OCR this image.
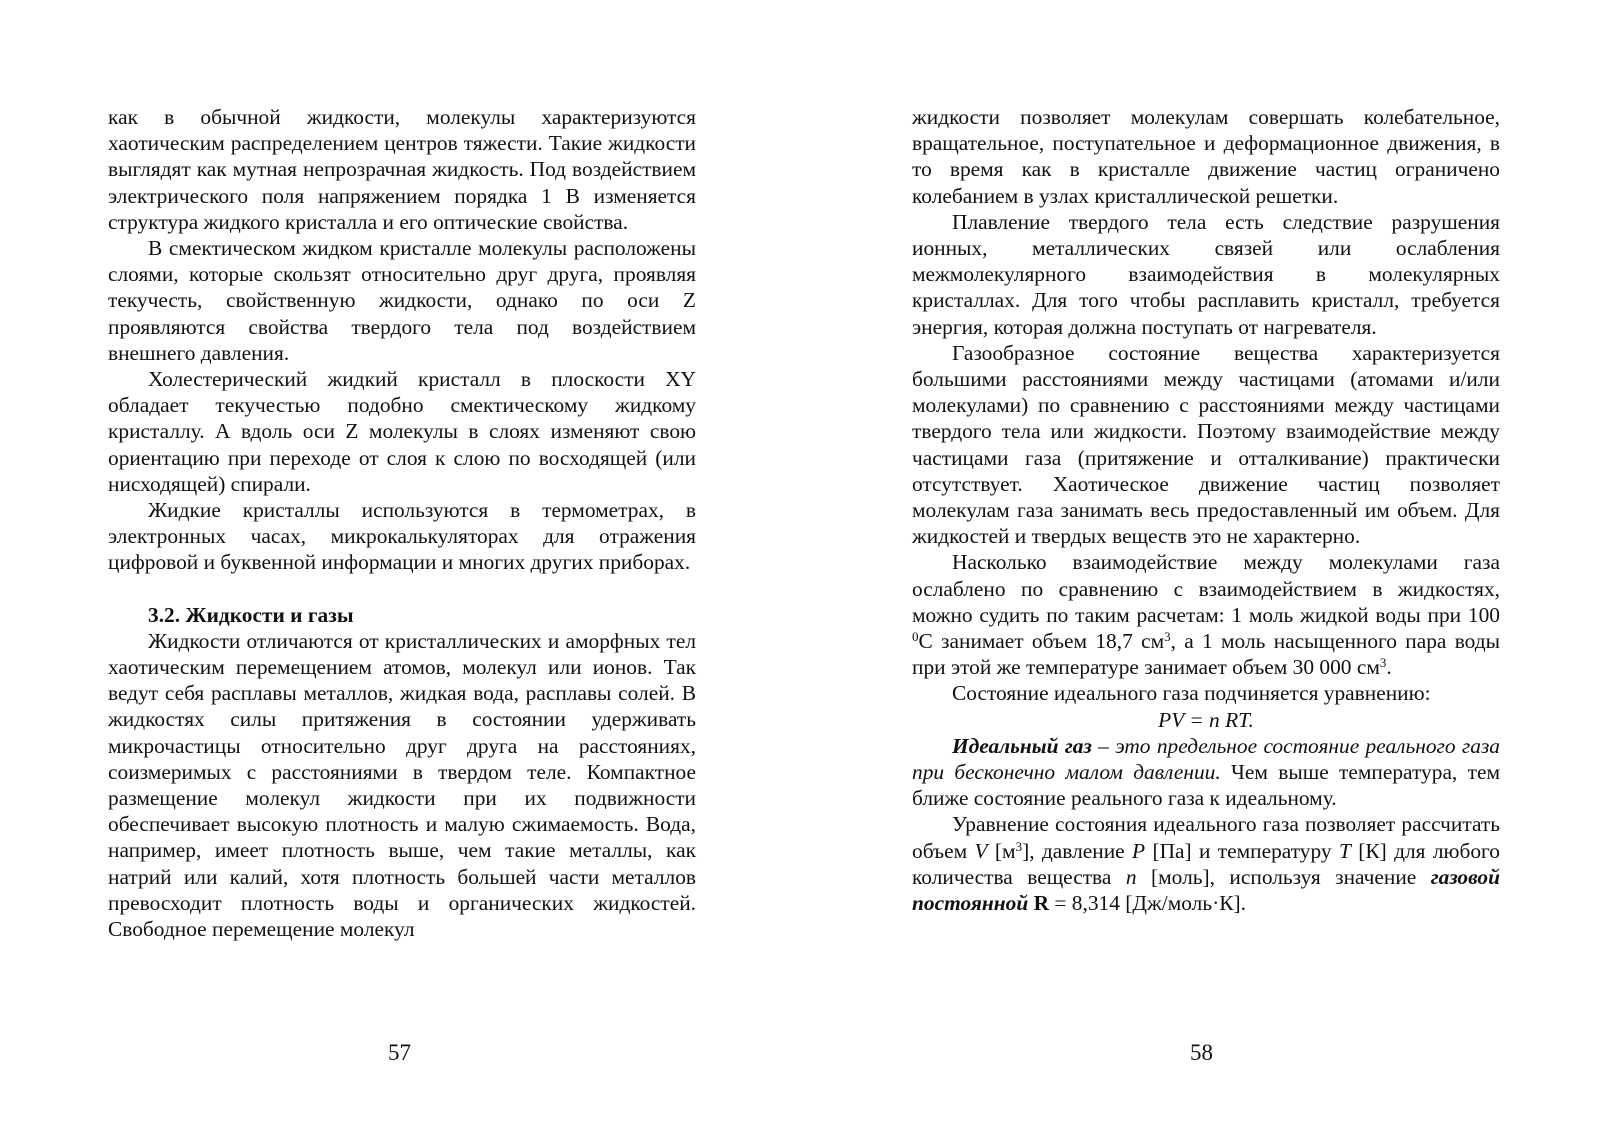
как в обычной жидкости, молекулы характеризуются хаотическим распределением центров тяжести. Такие жидкости выглядят как мутная непрозрачная жидкость. Под воздействием электрического поля напряжением порядка 1 В изменяется структура жидкого кристалла и его оптические свойства.

В смектическом жидком кристалле молекулы расположены слоями, которые скользят относительно друг друга, проявляя текучесть, свойственную жидкости, однако по оси Z проявляются свойства твердого тела под воздействием внешнего давления.

Холестерический жидкий кристалл в плоскости XY обладает текучестью подобно смектическому жидкому кристаллу. А вдоль оси Z молекулы в слоях изменяют свою ориентацию при переходе от слоя к слою по восходящей (или нисходящей) спирали.

Жидкие кристаллы используются в термометрах, в электронных часах, микрокалькуляторах для отражения цифровой и буквенной информации и многих других приборах.

3.2. Жидкости и газы

Жидкости отличаются от кристаллических и аморфных тел хаотическим перемещением атомов, молекул или ионов. Так ведут себя расплавы металлов, жидкая вода, расплавы солей. В жидкостях силы притяжения в состоянии удерживать микрочастицы относительно друг друга на расстояниях, соизмеримых с расстояниями в твердом теле. Компактное размещение молекул жидкости при их подвижности обеспечивает высокую плотность и малую сжимаемость. Вода, например, имеет плотность выше, чем такие металлы, как натрий или калий, хотя плотность большей части металлов превосходит плотность воды и органических жидкостей. Свободное перемещение молекул

жидкости позволяет молекулам совершать колебательное, вращательное, поступательное и деформационное движения, в то время как в кристалле движение частиц ограничено колебанием в узлах кристаллической решетки.

Плавление твердого тела есть следствие разрушения ионных, металлических связей или ослабления межмолекулярного взаимодействия в молекулярных кристаллах. Для того чтобы расплавить кристалл, требуется энергия, которая должна поступать от нагревателя.

Газообразное состояние вещества характеризуется большими расстояниями между частицами (атомами и/или молекулами) по сравнению с расстояниями между частицами твердого тела или жидкости. Поэтому взаимодействие между частицами газа (притяжение и отталкивание) практически отсутствует. Хаотическое движение частиц позволяет молекулам газа занимать весь предоставленный им объем. Для жидкостей и твердых веществ это не характерно.

Насколько взаимодействие между молекулами газа ослаблено по сравнению с взаимодействием в жидкостях, можно судить по таким расчетам: 1 моль жидкой воды при 100 $^0$С занимает объем 18,7 $см^3$, а 1 моль насыщенного пара воды при этой же температуре занимает объем 30 000 $см^3$.

Состояние идеального газа подчиняется уравнению:

PV = n RT.

Идеальный газ – это предельное состояние реального газа при бесконечно малом давлении. Чем выше температура, тем ближе состояние реального газа к идеальному.

Уравнение состояния идеального газа позволяет рассчитать объем V $[м^3]$, давление P [Па] и температуру T [К] для любого количества вещества n [моль], используя значение газовой постоянной R = 8,314 [Дж/моль·К].

57	58
